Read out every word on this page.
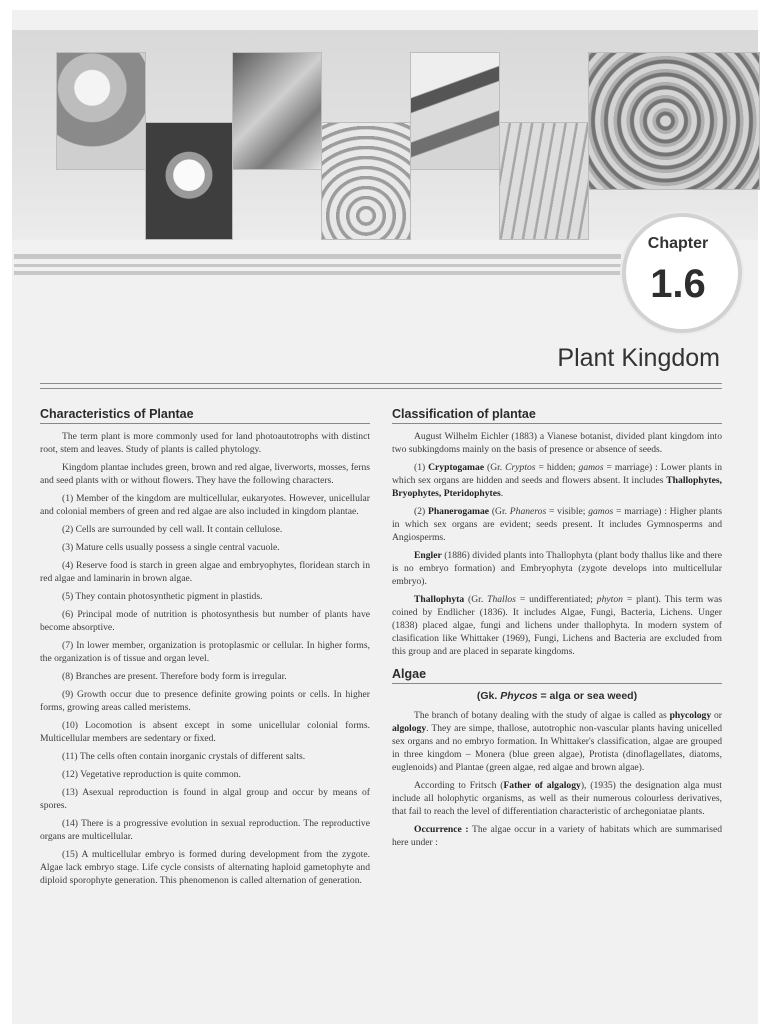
Chapter
1.6
Plant Kingdom
Characteristics of Plantae

The term plant is more commonly used for land photoautotrophs with distinct root, stem and leaves. Study of plants is called phytology.

Kingdom plantae includes green, brown and red algae, liverworts, mosses, ferns and seed plants with or without flowers. They have the following characters.

(1) Member of the kingdom are multicellular, eukaryotes. However, unicellular and colonial members of green and red algae are also included in kingdom plantae.

(2) Cells are surrounded by cell wall. It contain cellulose.

(3) Mature cells usually possess a single central vacuole.

(4) Reserve food is starch in green algae and embryophytes, floridean starch in red algae and laminarin in brown algae.

(5) They contain photosynthetic pigment in plastids.

(6) Principal mode of nutrition is photosynthesis but number of plants have become absorptive.

(7) In lower member, organization is protoplasmic or cellular. In higher forms, the organization is of tissue and organ level.

(8) Branches are present. Therefore body form is irregular.

(9) Growth occur due to presence definite growing points or cells. In higher forms, growing areas called meristems.

(10) Locomotion is absent except in some unicellular colonial forms. Multicellular members are sedentary or fixed.

(11) The cells often contain inorganic crystals of different salts.

(12) Vegetative reproduction is quite common.

(13) Asexual reproduction is found in algal group and occur by means of spores.

(14) There is a progressive evolution in sexual reproduction. The reproductive organs are multicellular.

(15) A multicellular embryo is formed during development from the zygote. Algae lack embryo stage. Life cycle consists of alternating haploid gametophyte and diploid sporophyte generation. This phenomenon is called alternation of generation.

Classification of plantae

August Wilhelm Eichler (1883) a Vianese botanist, divided plant kingdom into two subkingdoms mainly on the basis of presence or absence of seeds.

(1) Cryptogamae (Gr. Cryptos = hidden; gamos = marriage) : Lower plants in which sex organs are hidden and seeds and flowers absent. It includes Thallophytes, Bryophytes, Pteridophytes.

(2) Phanerogamae (Gr. Phaneros = visible; gamos = marriage) : Higher plants in which sex organs are evident; seeds present. It includes Gymnosperms and Angiosperms.

Engler (1886) divided plants into Thallophyta (plant body thallus like and there is no embryo formation) and Embryophyta (zygote develops into multicellular embryo).

Thallophyta (Gr. Thallos = undifferentiated; phyton = plant). This term was coined by Endlicher (1836). It includes Algae, Fungi, Bacteria, Lichens. Unger (1838) placed algae, fungi and lichens under thallophyta. In modern system of clasification like Whittaker (1969), Fungi, Lichens and Bacteria are excluded from this group and are placed in separate kingdoms.

Algae
(Gk. Phycos = alga or sea weed)

The branch of botany dealing with the study of algae is called as phycology or algology. They are simpe, thallose, autotrophic non-vascular plants having unicelled sex organs and no embryo formation. In Whittaker's classification, algae are grouped in three kingdom – Monera (blue green algae), Protista (dinoflagellates, diatoms, euglenoids) and Plantae (green algae, red algae and brown algae).

According to Fritsch (Father of algalogy), (1935) the designation alga must include all holophytic organisms, as well as their numerous colourless derivatives, that fail to reach the level of differentiation characteristic of archegoniatae plants.

Occurrence : The algae occur in a variety of habitats which are summarised here under :
